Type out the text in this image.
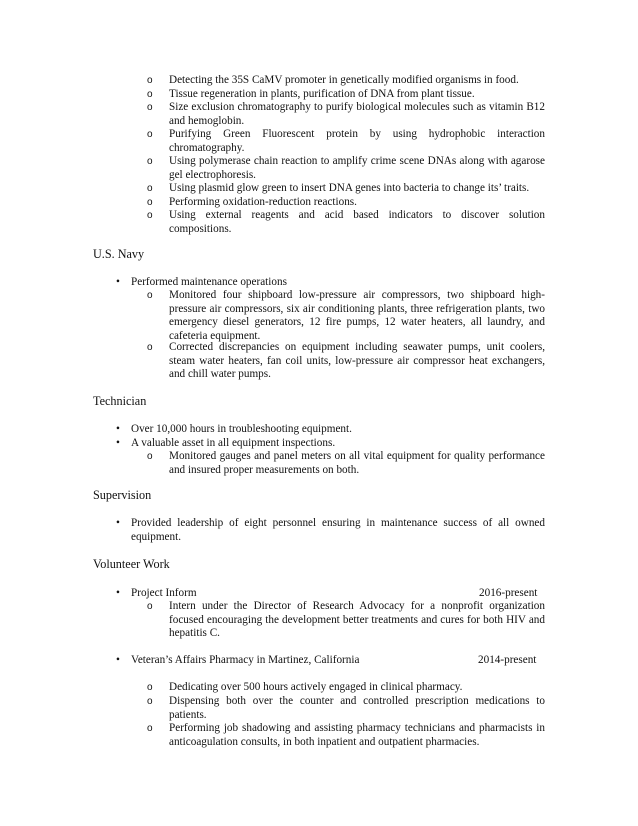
o Detecting the 35S CaMV promoter in genetically modified organisms in food.
o Tissue regeneration in plants, purification of DNA from plant tissue.
o Size exclusion chromatography to purify biological molecules such as vitamin B12 and hemoglobin.
o Purifying Green Fluorescent protein by using hydrophobic interaction chromatography.
o Using polymerase chain reaction to amplify crime scene DNAs along with agarose gel electrophoresis.
o Using plasmid glow green to insert DNA genes into bacteria to change its’ traits.
o Performing oxidation-reduction reactions.
o Using external reagents and acid based indicators to discover solution compositions.
U.S. Navy
• Performed maintenance operations
o Monitored four shipboard low-pressure air compressors, two shipboard high-pressure air compressors, six air conditioning plants, three refrigeration plants, two emergency diesel generators, 12 fire pumps, 12 water heaters, all laundry, and cafeteria equipment.
o Corrected discrepancies on equipment including seawater pumps, unit coolers, steam water heaters, fan coil units, low-pressure air compressor heat exchangers, and chill water pumps.
Technician
• Over 10,000 hours in troubleshooting equipment.
• A valuable asset in all equipment inspections.
o Monitored gauges and panel meters on all vital equipment for quality performance and insured proper measurements on both.
Supervision
• Provided leadership of eight personnel ensuring in maintenance success of all owned equipment.
Volunteer Work
• Project Inform	2016-present
o Intern under the Director of Research Advocacy for a nonprofit organization focused encouraging the development better treatments and cures for both HIV and hepatitis C.
• Veteran’s Affairs Pharmacy in Martinez, California	2014-present
o Dedicating over 500 hours actively engaged in clinical pharmacy.
o Dispensing both over the counter and controlled prescription medications to patients.
o Performing job shadowing and assisting pharmacy technicians and pharmacists in anticoagulation consults, in both inpatient and outpatient pharmacies.
